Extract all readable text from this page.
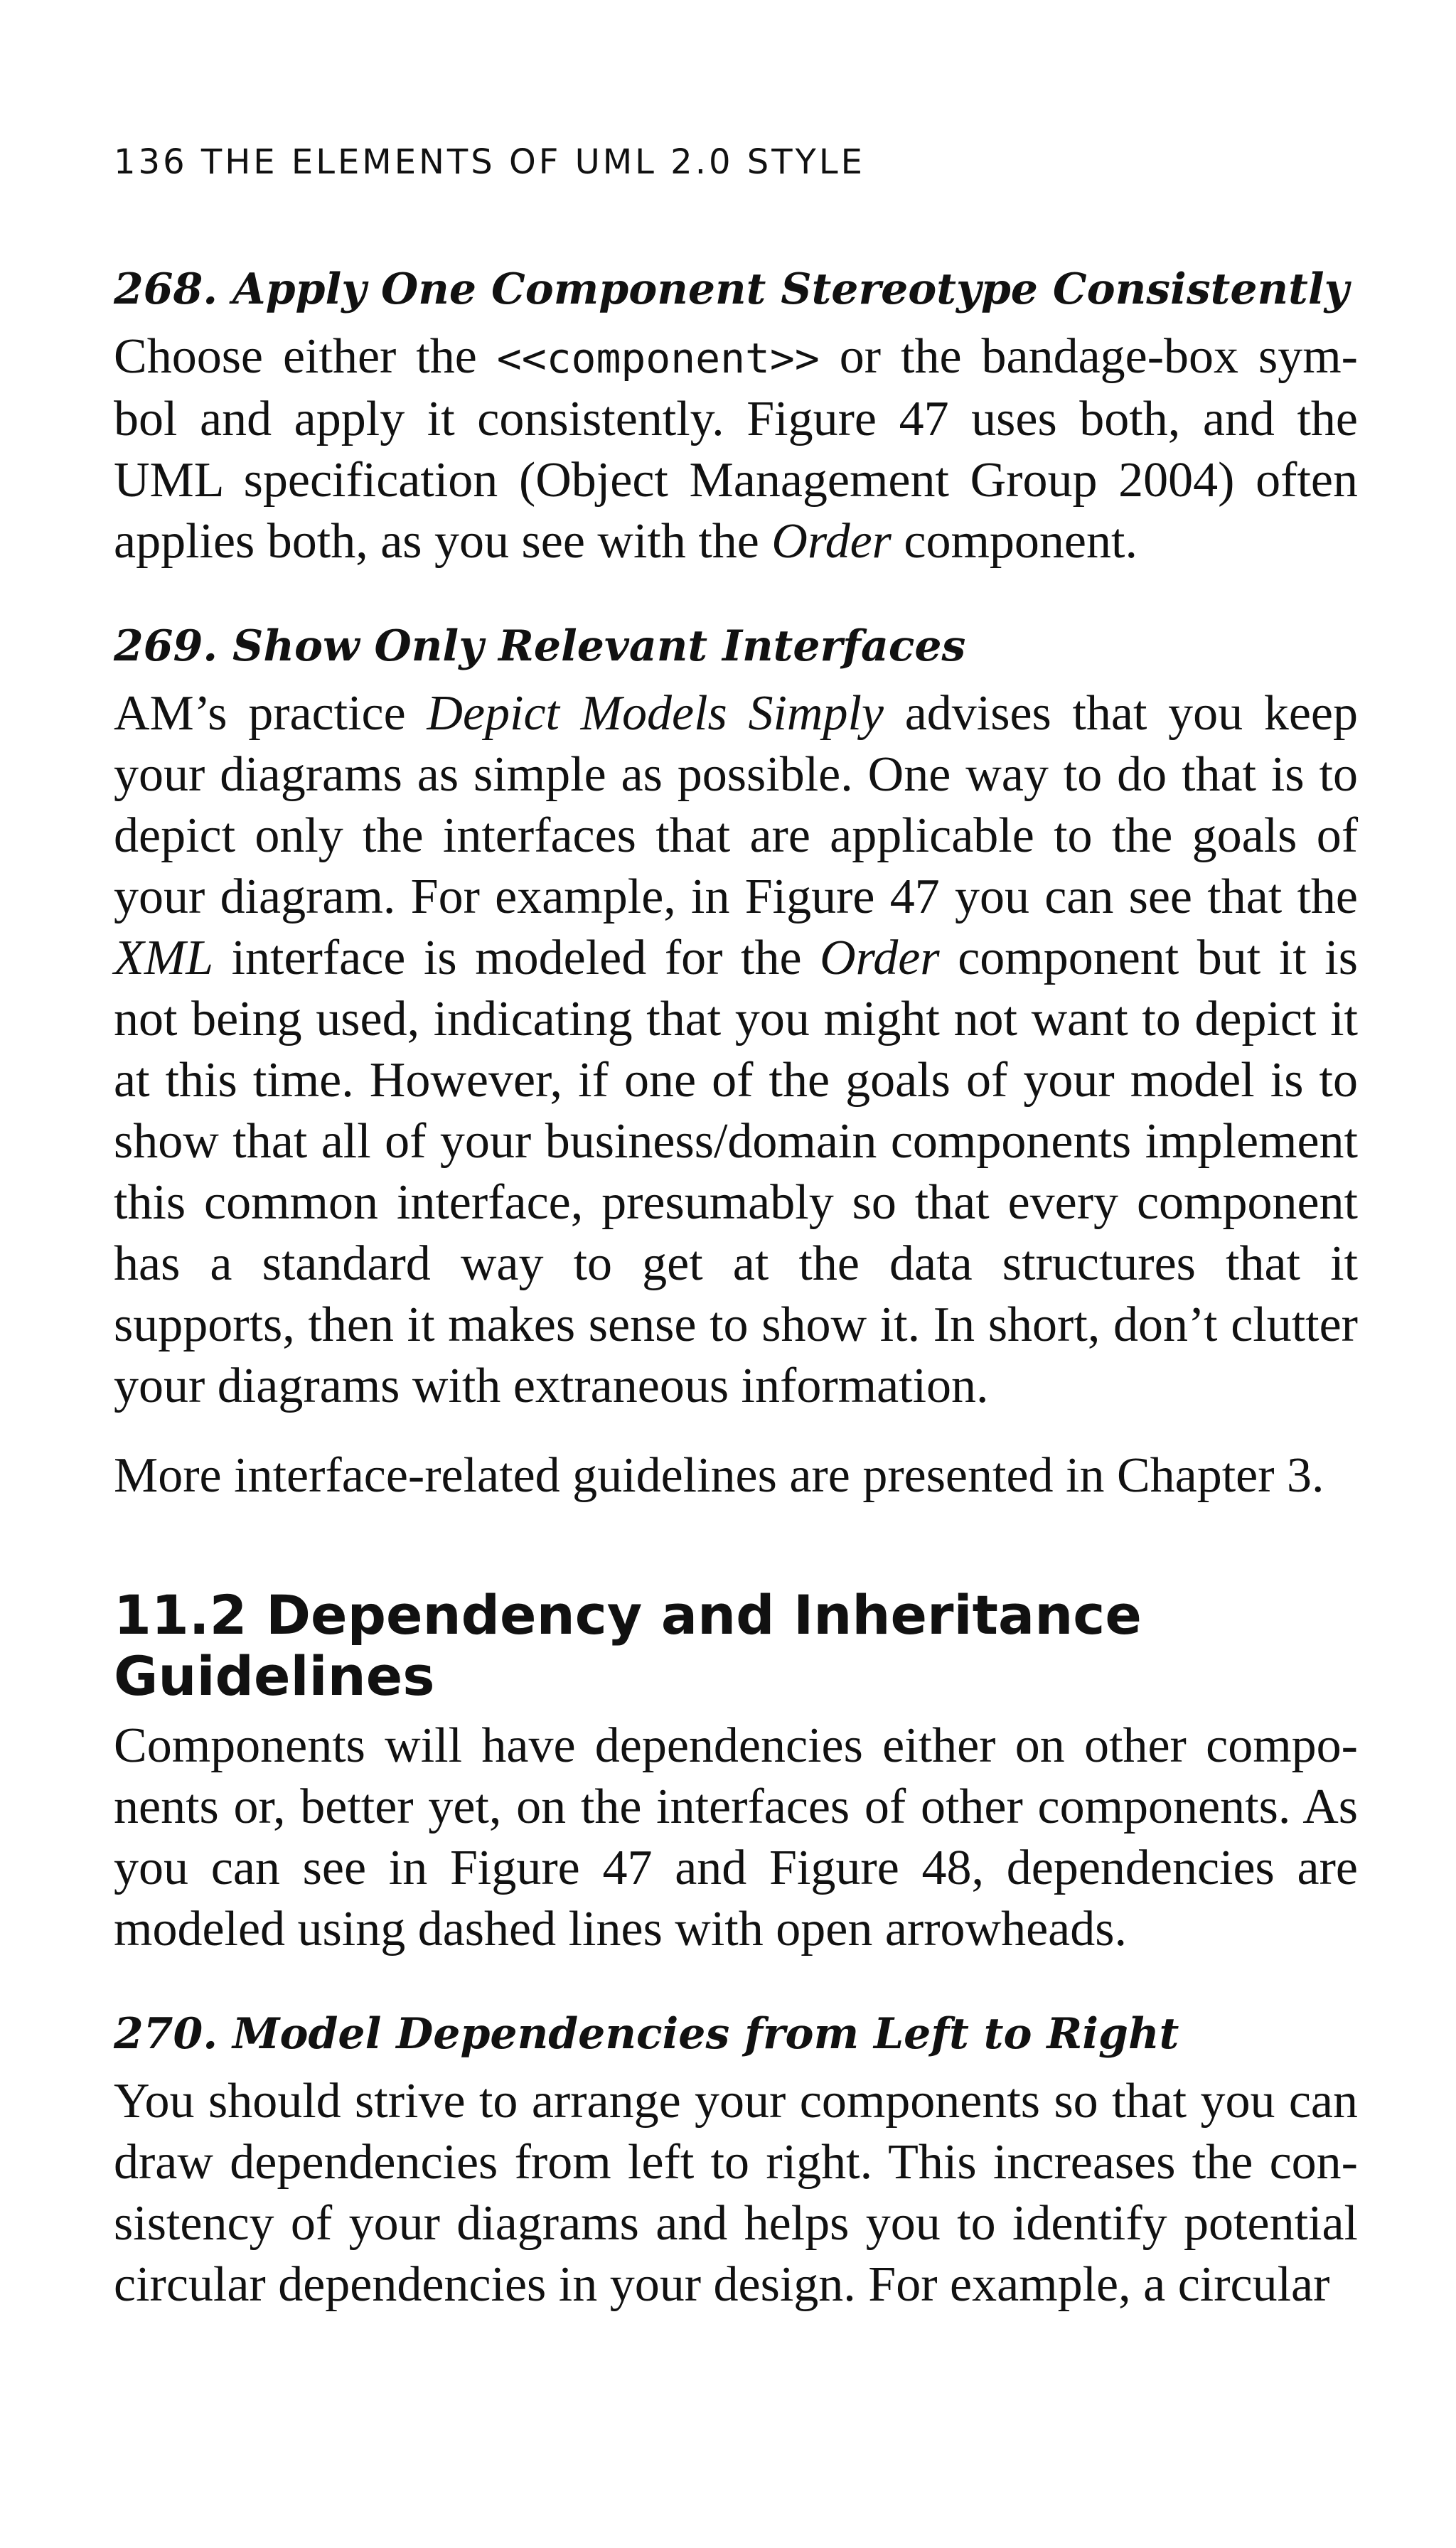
136 THE ELEMENTS OF UML 2.0 STYLE
268. Apply One Component Stereotype Consistently

Choose either the <<component>> or the bandage-box sym-bol and apply it consistently. Figure 47 uses both, and the UML specification (Object Management Group 2004) often applies both, as you see with the Order component.

269. Show Only Relevant Interfaces

AM’s practice Depict Models Simply advises that you keep your diagrams as simple as possible. One way to do that is to depict only the interfaces that are applicable to the goals of your diagram. For example, in Figure 47 you can see that the XML interface is modeled for the Order component but it is not being used, indicating that you might not want to depict it at this time. However, if one of the goals of your model is to show that all of your business/domain components implement this common interface, presumably so that every component has a standard way to get at the data structures that it supports, then it makes sense to show it. In short, don’t clutter your diagrams with extraneous information.

More interface-related guidelines are presented in Chapter 3.

11.2 Dependency and Inheritance Guidelines

Components will have dependencies either on other compo-nents or, better yet, on the interfaces of other components. As you can see in Figure 47 and Figure 48, dependencies are modeled using dashed lines with open arrowheads.

270. Model Dependencies from Left to Right

You should strive to arrange your components so that you can draw dependencies from left to right. This increases the con-sistency of your diagrams and helps you to identify potential circular dependencies in your design. For example, a circular
